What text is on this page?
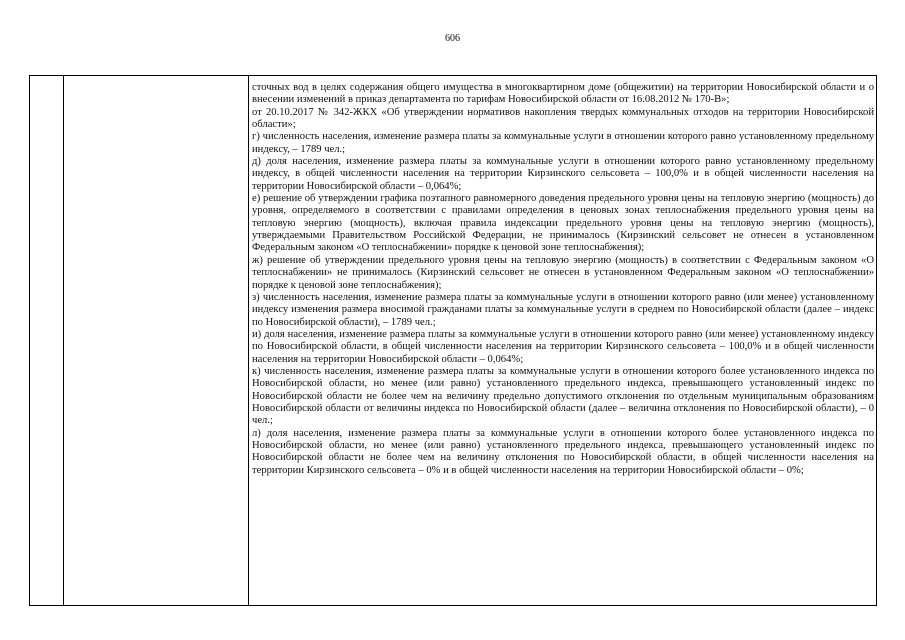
606

сточных вод в целях содержания общего имущества в многоквартирном доме (общежитии) на территории Новосибирской области и о внесении изменений в приказ департамента по тарифам Новосибирской области от 16.08.2012 № 170-В»;

от 20.10.2017 № 342-ЖКХ «Об утверждении нормативов накопления твердых коммунальных отходов на территории Новосибирской области»;

г) численность населения, изменение размера платы за коммунальные услуги в отношении которого равно установленному предельному индексу, – 1789 чел.;

д) доля населения, изменение размера платы за коммунальные услуги в отношении которого равно установленному предельному индексу, в общей численности населения на территории Кирзинского сельсовета – 100,0% и в общей численности населения на территории Новосибирской области – 0,064%;

е) решение об утверждении графика поэтапного равномерного доведения предельного уровня цены на тепловую энергию (мощность) до уровня, определяемого в соответствии с правилами определения в ценовых зонах теплоснабжения предельного уровня цены на тепловую энергию (мощность), включая правила индексации предельного уровня цены на тепловую энергию (мощность), утверждаемыми Правительством Российской Федерации, не принималось (Кирзинский сельсовет не отнесен в установленном Федеральным законом «О теплоснабжении» порядке к ценовой зоне теплоснабжения);

ж) решение об утверждении предельного уровня цены на тепловую энергию (мощность) в соответствии с Федеральным законом «О теплоснабжении» не принималось (Кирзинский сельсовет не отнесен в установленном Федеральным законом «О теплоснабжении» порядке к ценовой зоне теплоснабжения);

з) численность населения, изменение размера платы за коммунальные услуги в отношении которого равно (или менее) установленному индексу изменения размера вносимой гражданами платы за коммунальные услуги в среднем по Новосибирской области (далее – индекс по Новосибирской области), – 1789 чел.;

и) доля населения, изменение размера платы за коммунальные услуги в отношении которого равно (или менее) установленному индексу по Новосибирской области, в общей численности населения на территории Кирзинского сельсовета – 100,0% и в общей численности населения на территории Новосибирской области – 0,064%;

к) численность населения, изменение размера платы за коммунальные услуги в отношении которого более установленного индекса по Новосибирской области, но менее (или равно) установленного предельного индекса, превышающего установленный индекс по Новосибирской области не более чем на величину предельно допустимого отклонения по отдельным муниципальным образованиям Новосибирской области от величины индекса по Новосибирской области (далее – величина отклонения по Новосибирской области), – 0 чел.;

л) доля населения, изменение размера платы за коммунальные услуги в отношении которого более установленного индекса по Новосибирской области, но менее (или равно) установленного предельного индекса, превышающего установленный индекс по Новосибирской области не более чем на величину отклонения по Новосибирской области, в общей численности населения на территории Кирзинского сельсовета – 0% и в общей численности населения на территории Новосибирской области – 0%;
